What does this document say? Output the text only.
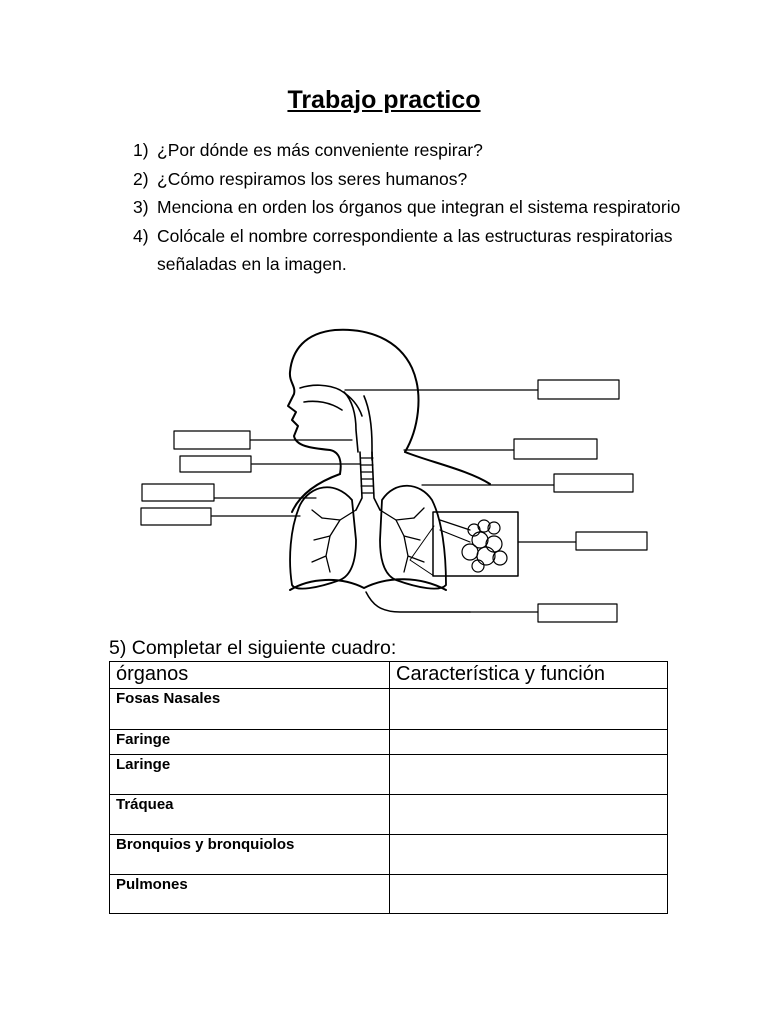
Trabajo practico
1) ¿Por dónde es más conveniente respirar?
2) ¿Cómo respiramos los seres humanos?
3) Menciona en orden los órganos que integran el sistema respiratorio
4) Colócale el nombre correspondiente a las estructuras respiratorias señaladas en la imagen.
5) Completar el siguiente cuadro:
órganos	Característica y función
Fosas Nasales	
Faringe	
Laringe	
Tráquea	
Bronquios y bronquiolos	
Pulmones	
